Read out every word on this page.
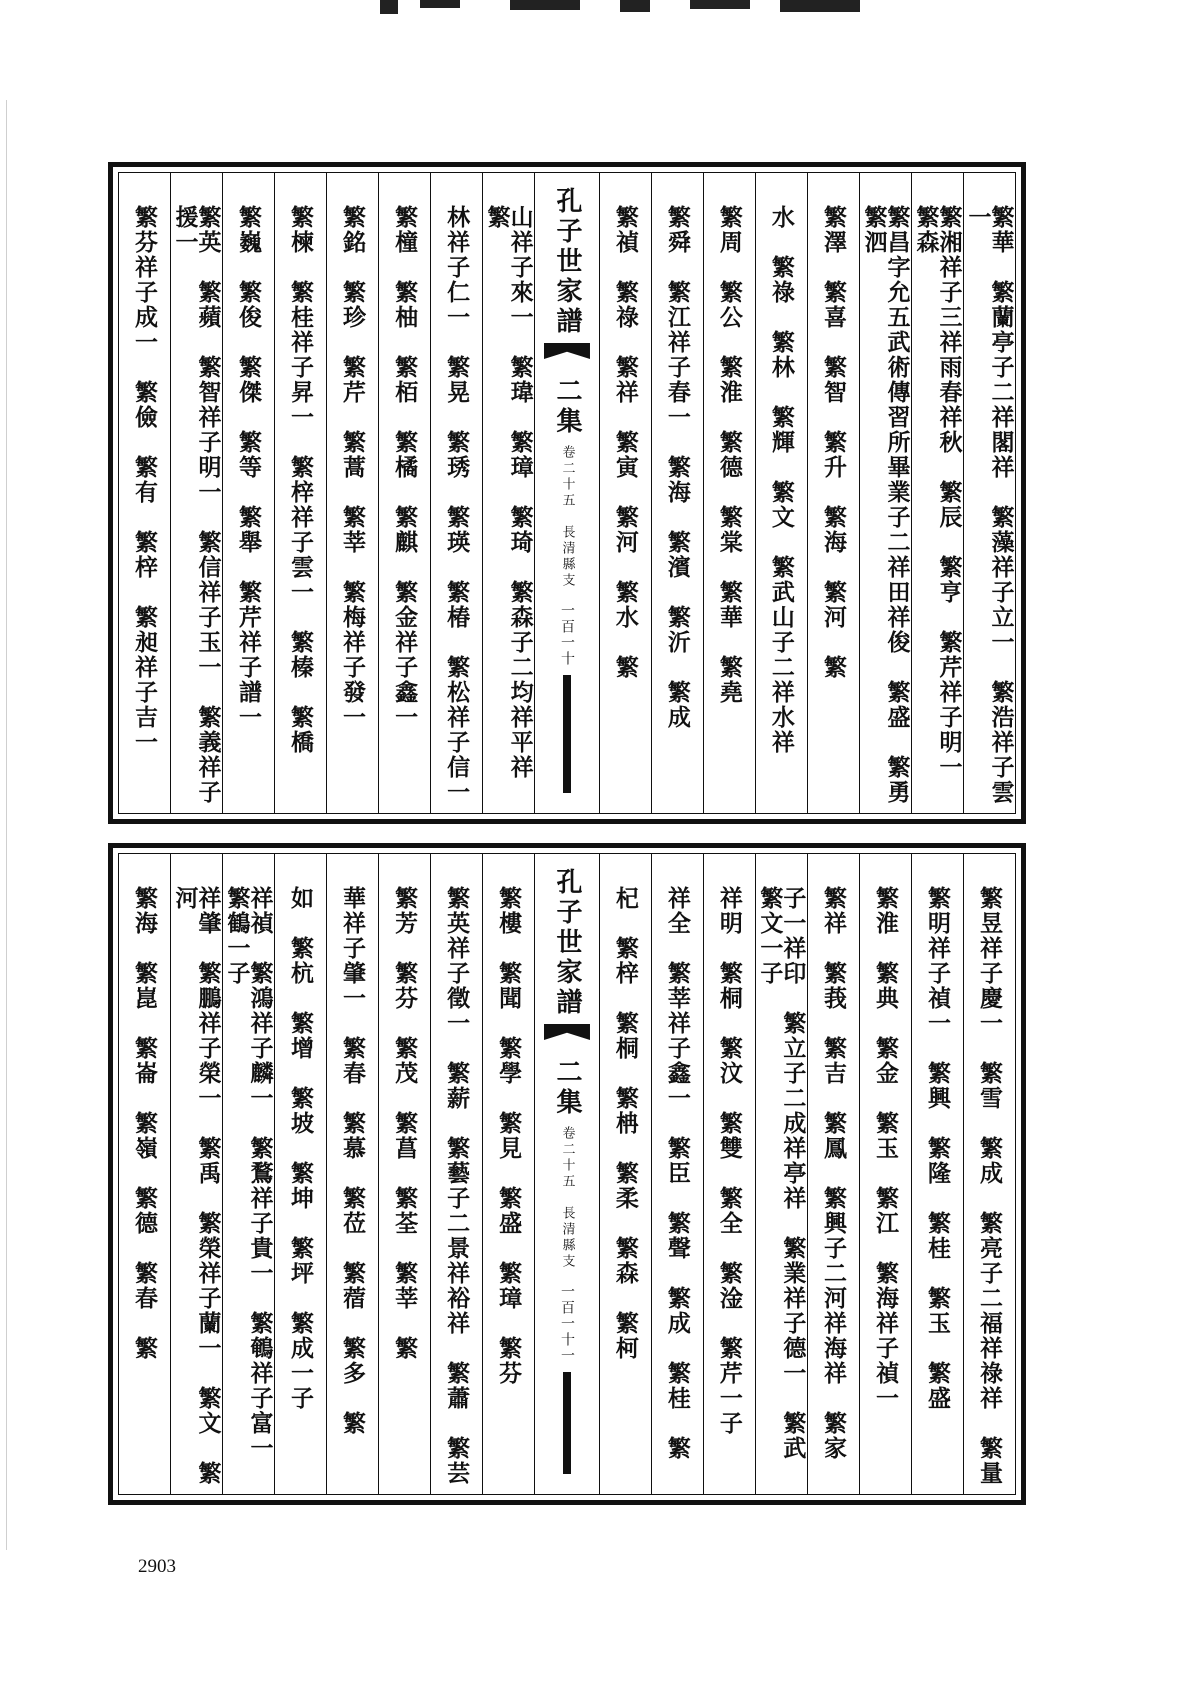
繁華　繁蘭亭子二祥閣祥　繁藻祥子立一　繁浩祥子雲一
繁湘祥子三祥雨春祥秋　繁辰　繁亨　繁芹祥子明一　繁森
繁昌字允五武術傳習所畢業子二祥田祥俊　繁盛　繁勇　繁泗
繁澤　繁喜　繁智　繁升　繁海　繁河　繁
水　繁祿　繁林　繁輝　繁文　繁武山子二祥水祥
繁周　繁公　繁淮　繁德　繁棠　繁華　繁堯
繁舜　繁江祥子春一　繁海　繁濱　繁沂　繁成
繁禎　繁祿　繁祥　繁寅　繁河　繁水　繁
孔子世家譜
二集
卷二十五　長清縣支
一百一十
山祥子來一　繁瑋　繁璋　繁琦　繁森子二均祥平祥　繁
林祥子仁一　繁晃　繁琇　繁瑛　繁椿　繁松祥子信一
繁橦　繁柚　繁栢　繁橘　繁麒　繁金祥子鑫一
繁銘　繁珍　繁芹　繁蒿　繁莘　繁梅祥子發一
繁楝　繁桂祥子昇一　繁梓祥子雲一　繁榛　繁橋
繁巍　繁俊　繁傑　繁等　繁舉　繁芹祥子譜一
繁英　繁蘋　繁智祥子明一　繁信祥子玉一　繁義祥子援一
繁芬祥子成一　繁儉　繁有　繁梓　繁昶祥子吉一
繁昱祥子慶一　繁雪　繁成　繁亮子二福祥祿祥　繁量
繁明祥子禎一　繁興　繁隆　繁桂　繁玉　繁盛
繁淮　繁典　繁金　繁玉　繁江　繁海祥子禎一
繁祥　繁莪　繁吉　繁鳳　繁興子二河祥海祥　繁家
子一祥印　繁立子二成祥亭祥　繁業祥子德一　繁武　繁文一子
祥明　繁桐　繁汶　繁雙　繁全　繁淦　繁芹一子
祥全　繁莘祥子鑫一　繁臣　繁聲　繁成　繁桂　繁
杞　繁梓　繁桐　繁柟　繁柔　繁森　繁柯
孔子世家譜
二集
卷二十五　長清縣支
一百一十一
繁樓　繁聞　繁學　繁見　繁盛　繁璋　繁芬
繁英祥子徵一　繁薪　繁藝子二景祥裕祥　繁蕭　繁芸
繁芳　繁芬　繁茂　繁菖　繁荃　繁莘　繁
華祥子肇一　繁春　繁慕　繁莅　繁蓿　繁多　繁
如　繁杭　繁增　繁坡　繁坤　繁坪　繁成一子
祥禎　繁鴻祥子麟一　繁鶩祥子貴一　繁鵪祥子富一　繁鶴一子
祥肇　繁鵬祥子榮一　繁禹　繁榮祥子蘭一　繁文　繁河
繁海　繁崑　繁崙　繁嶺　繁德　繁春　繁
2903
